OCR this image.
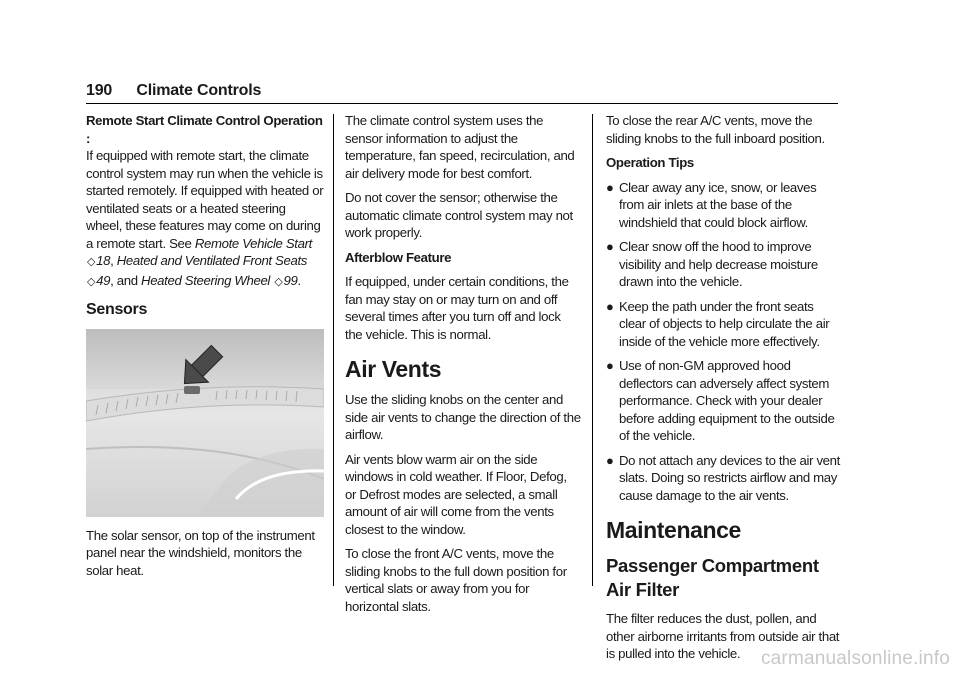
190 Climate Controls

Remote Start Climate Control Operation :
If equipped with remote start, the climate control system may run when the vehicle is started remotely. If equipped with heated or ventilated seats or a heated steering wheel, these features may come on during a remote start. See Remote Vehicle Start ◇18, Heated and Ventilated Front Seats ◇49, and Heated Steering Wheel ◇99.

Sensors

The solar sensor, on top of the instrument panel near the windshield, monitors the solar heat.

The climate control system uses the sensor information to adjust the temperature, fan speed, recirculation, and air delivery mode for best comfort.

Do not cover the sensor; otherwise the automatic climate control system may not work properly.

Afterblow Feature

If equipped, under certain conditions, the fan may stay on or may turn on and off several times after you turn off and lock the vehicle. This is normal.

Air Vents

Use the sliding knobs on the center and side air vents to change the direction of the airflow.

Air vents blow warm air on the side windows in cold weather. If Floor, Defog, or Defrost modes are selected, a small amount of air will come from the vents closest to the window.

To close the front A/C vents, move the sliding knobs to the full down position for vertical slats or away from you for horizontal slats.

To close the rear A/C vents, move the sliding knobs to the full inboard position.

Operation Tips

● Clear away any ice, snow, or leaves from air inlets at the base of the windshield that could block airflow.
● Clear snow off the hood to improve visibility and help decrease moisture drawn into the vehicle.
● Keep the path under the front seats clear of objects to help circulate the air inside of the vehicle more effectively.
● Use of non-GM approved hood deflectors can adversely affect system performance. Check with your dealer before adding equipment to the outside of the vehicle.
● Do not attach any devices to the air vent slats. Doing so restricts airflow and may cause damage to the air vents.
Maintenance
Passenger Compartment Air Filter

The filter reduces the dust, pollen, and other airborne irritants from outside air that is pulled into the vehicle.	carmanualsonline.info
